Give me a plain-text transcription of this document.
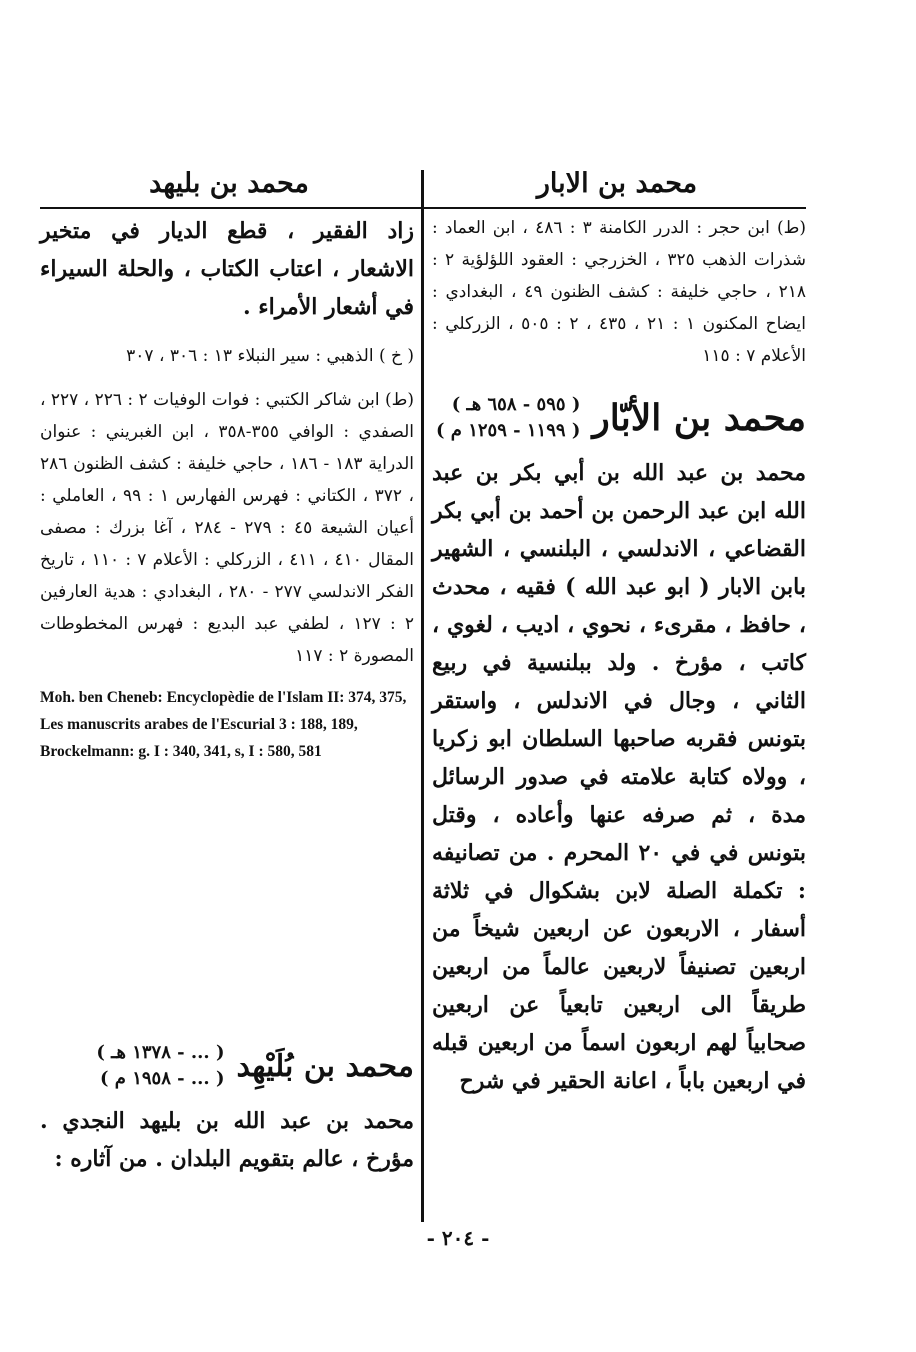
محمد بن الابار
محمد بن بليهد

(ط) ابن حجر : الدرر الكامنة ٣ : ٤٨٦ ، ابن العماد : شذرات الذهب ٣٢٥ ، الخزرجي : العقود اللؤلؤية ٢ : ٢١٨ ، حاجي خليفة : كشف الظنون ٤٩ ، البغدادي : ايضاح المكنون ١ : ٢١ ، ٤٣٥ ، ٢ : ٥٠٥ ، الزركلي : الأعلام ٧ : ١١٥

محمد بن الأبّار
( ٥٩٥ - ٦٥٨ هـ )
( ١١٩٩ - ١٢٥٩ م )

محمد بن عبد الله بن أبي بكر بن عبد الله ابن عبد الرحمن بن أحمد بن أبي بكر القضاعي ، الاندلسي ، البلنسي ، الشهير بابن الابار ( ابو عبد الله ) فقيه ، محدث ، حافظ ، مقرىء ، نحوي ، اديب ، لغوي ، كاتب ، مؤرخ . ولد ببلنسية في ربيع الثاني ، وجال في الاندلس ، واستقر بتونس فقربه صاحبها السلطان ابو زكريا ، وولاه كتابة علامته في صدور الرسائل مدة ، ثم صرفه عنها وأعاده ، وقتل بتونس في في ٢٠ المحرم . من تصانيفه : تكملة الصلة لابن بشكوال في ثلاثة أسفار ، الاربعون عن اربعين شيخاً من اربعين تصنيفاً لاربعين عالماً من اربعين طريقاً الى اربعين تابعياً عن اربعين صحابياً لهم اربعون اسماً من اربعين قبله في اربعين باباً ، اعانة الحقير في شرح

زاد الفقير ، قطع الديار في متخير الاشعار ، اعتاب الكتاب ، والحلة السيراء في أشعار الأمراء .

( خ ) الذهبي : سير النبلاء ١٣ : ٣٠٦ ، ٣٠٧

(ط) ابن شاكر الكتبي : فوات الوفيات ٢ : ٢٢٦ ، ٢٢٧ ، الصفدي : الوافي ٣٥٥-٣٥٨ ، ابن الغبريني : عنوان الدراية ١٨٣ - ١٨٦ ، حاجي خليفة : كشف الظنون ٢٨٦ ، ٣٧٢ ، الكتاني : فهرس الفهارس ١ : ٩٩ ، العاملي : أعيان الشيعة ٤٥ : ٢٧٩ - ٢٨٤ ، آغا بزرك : مصفى المقال ٤١٠ ، ٤١١ ، الزركلي : الأعلام ٧ : ١١٠ ، تاريخ الفكر الاندلسي ٢٧٧ - ٢٨٠ ، البغدادي : هدية العارفين ٢ : ١٢٧ ، لطفي عبد البديع : فهرس المخطوطات المصورة ٢ : ١١٧

Moh. ben Cheneb: Encyclopèdie de l'Islam II: 374, 375, Les manuscrits arabes de l'Escurial 3 : 188, 189, Brockelmann: g. I : 340, 341, s, I : 580, 581

محمد بن بُلَيْهِد
( ... - ١٣٧٨ هـ )
( ... - ١٩٥٨ م )

محمد بن عبد الله بن بليهد النجدي . مؤرخ ، عالم بتقويم البلدان . من آثاره :

- ٢٠٤ -
